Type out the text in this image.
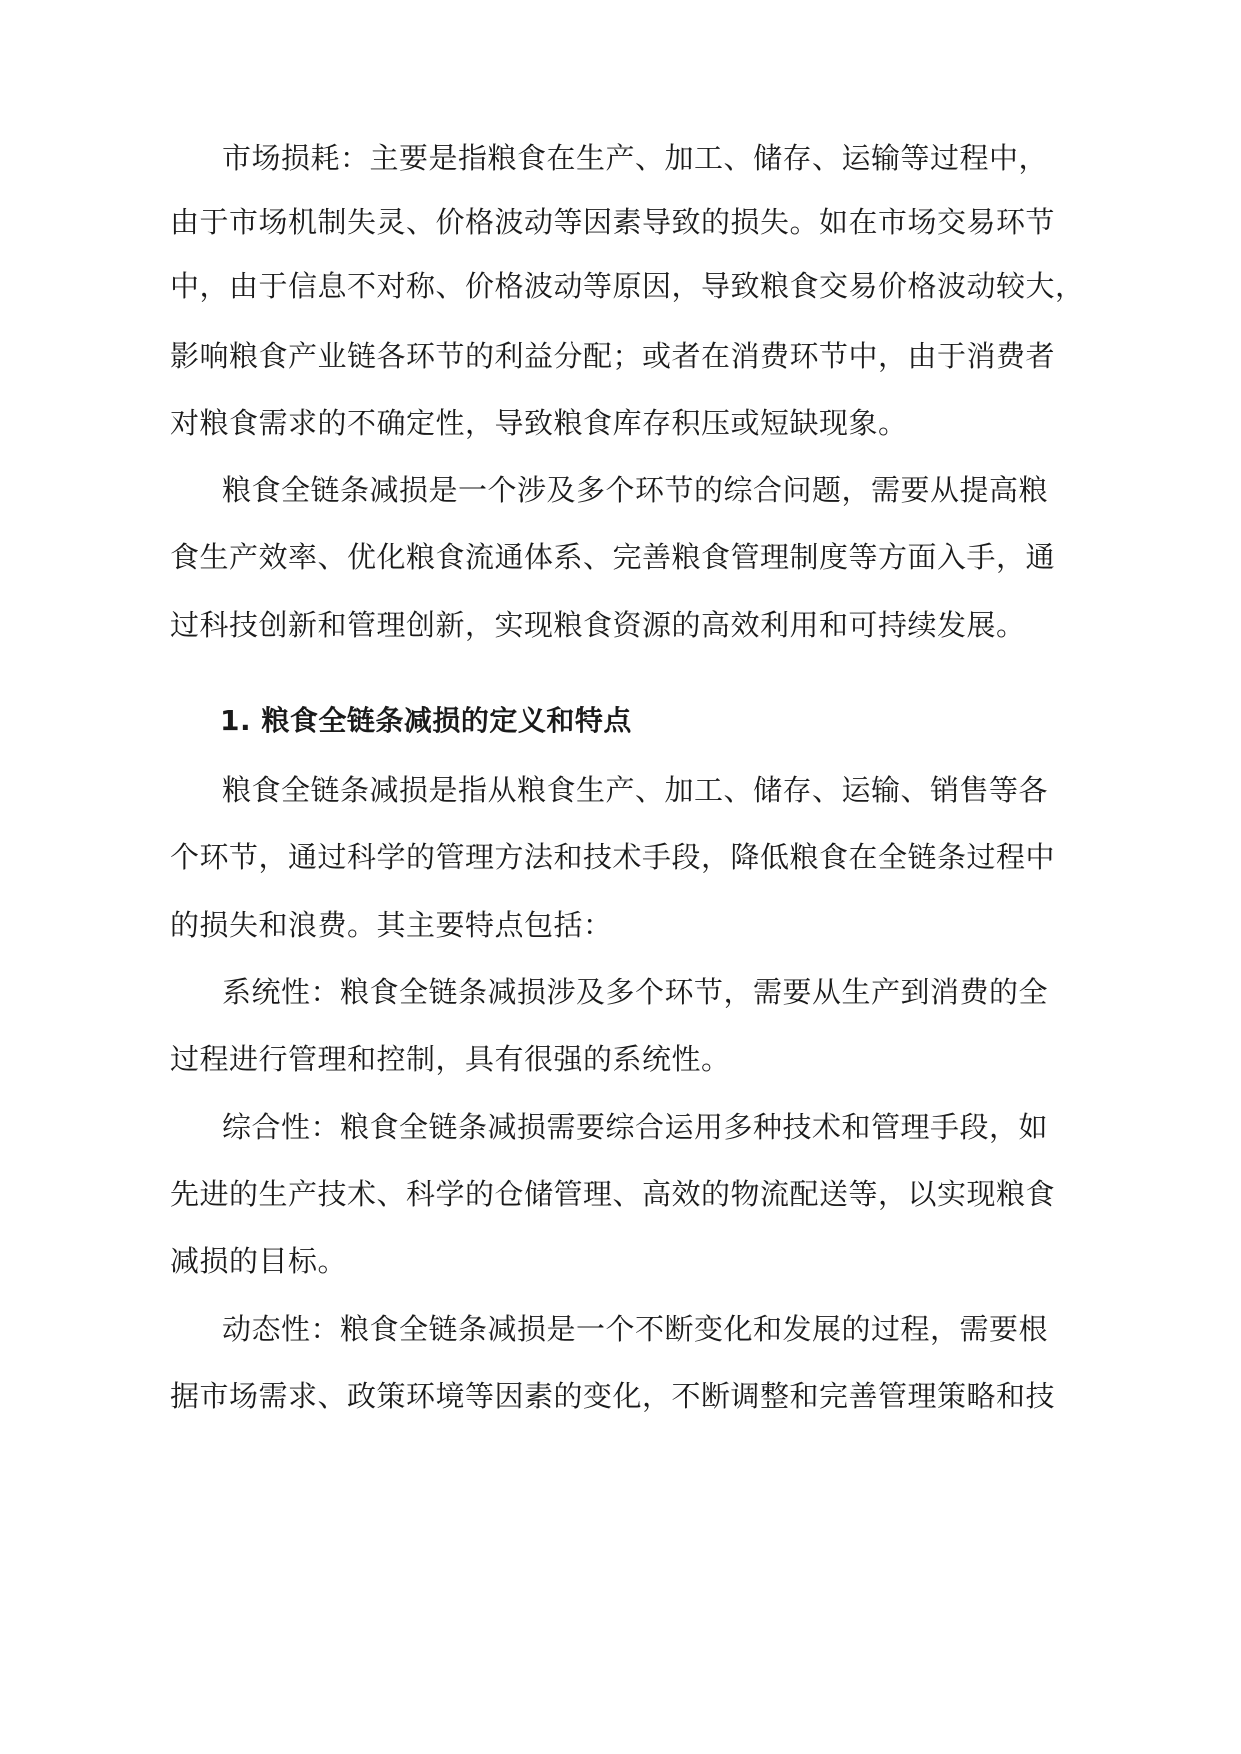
市场损耗：主要是指粮食在生产、加工、储存、运输等过程中，
由于市场机制失灵、价格波动等因素导致的损失。如在市场交易环节
中，由于信息不对称、价格波动等原因，导致粮食交易价格波动较大，
影响粮食产业链各环节的利益分配；或者在消费环节中，由于消费者
对粮食需求的不确定性，导致粮食库存积压或短缺现象。
粮食全链条减损是一个涉及多个环节的综合问题，需要从提高粮
食生产效率、优化粮食流通体系、完善粮食管理制度等方面入手，通
过科技创新和管理创新，实现粮食资源的高效利用和可持续发展。
1. 粮食全链条减损的定义和特点
粮食全链条减损是指从粮食生产、加工、储存、运输、销售等各
个环节，通过科学的管理方法和技术手段，降低粮食在全链条过程中
的损失和浪费。其主要特点包括：
系统性：粮食全链条减损涉及多个环节，需要从生产到消费的全
过程进行管理和控制，具有很强的系统性。
综合性：粮食全链条减损需要综合运用多种技术和管理手段，如
先进的生产技术、科学的仓储管理、高效的物流配送等，以实现粮食
减损的目标。
动态性：粮食全链条减损是一个不断变化和发展的过程，需要根
据市场需求、政策环境等因素的变化，不断调整和完善管理策略和技
